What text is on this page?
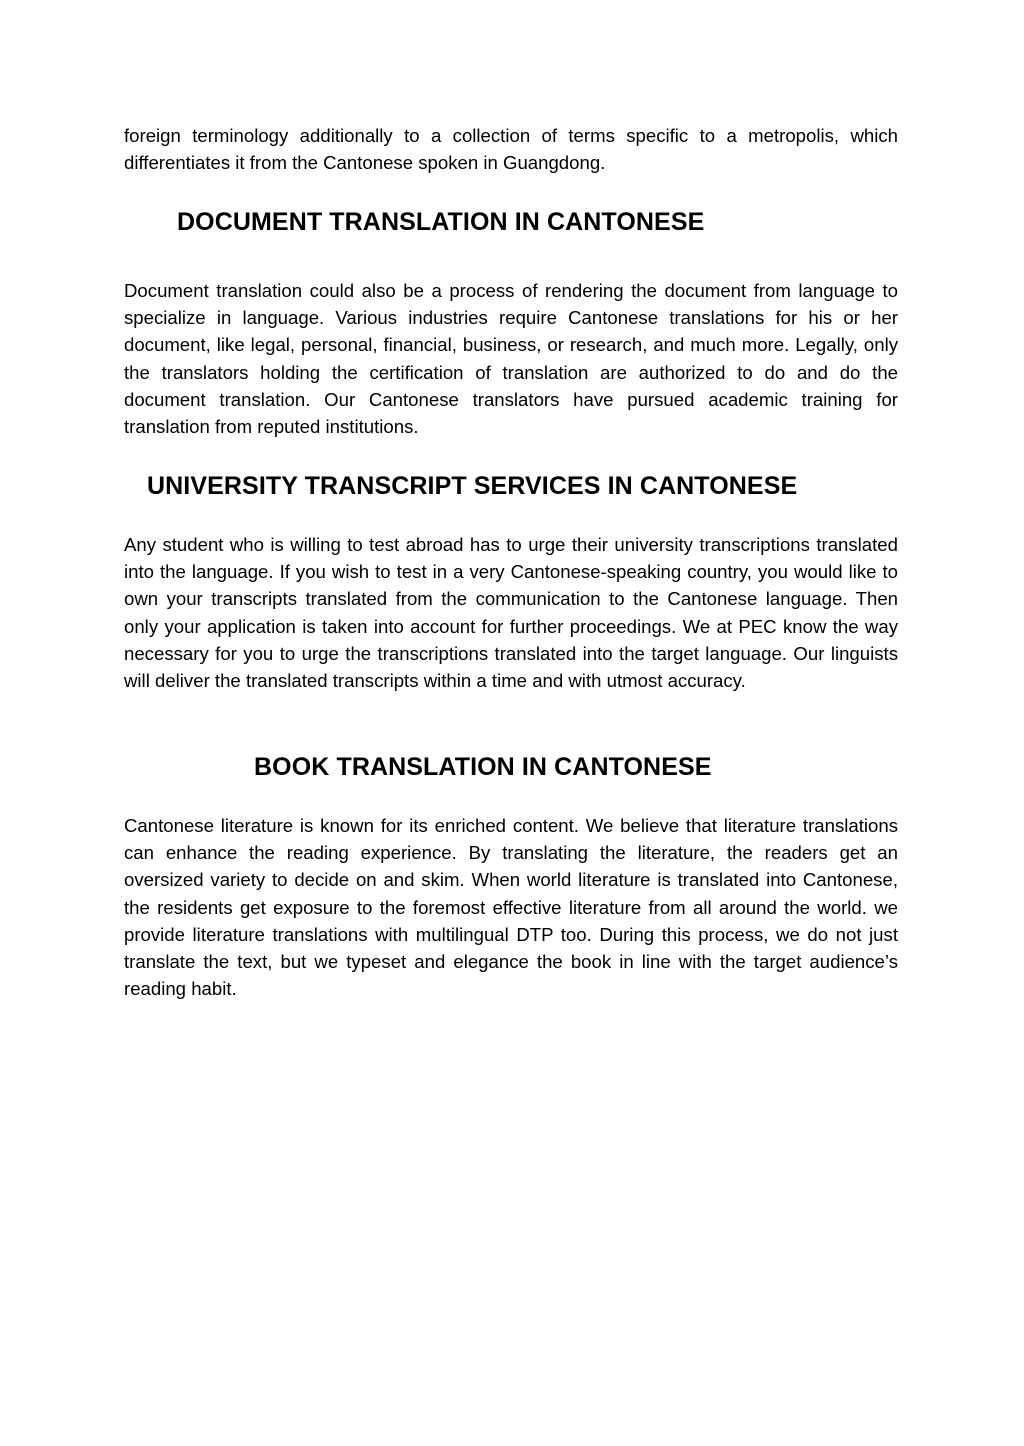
foreign terminology additionally to a collection of terms specific to a metropolis, which differentiates it from the Cantonese spoken in Guangdong.

DOCUMENT TRANSLATION IN CANTONESE

Document translation could also be a process of rendering the document from language to specialize in language. Various industries require Cantonese translations for his or her document, like legal, personal, financial, business, or research, and much more. Legally, only the translators holding the certification of translation are authorized to do and do the document translation. Our Cantonese translators have pursued academic training for translation from reputed institutions.

UNIVERSITY TRANSCRIPT SERVICES IN CANTONESE

Any student who is willing to test abroad has to urge their university transcriptions translated into the language. If you wish to test in a very Cantonese-speaking country, you would like to own your transcripts translated from the communication to the Cantonese language. Then only your application is taken into account for further proceedings. We at PEC know the way necessary for you to urge the transcriptions translated into the target language. Our linguists will deliver the translated transcripts within a time and with utmost accuracy.

BOOK TRANSLATION IN CANTONESE

Cantonese literature is known for its enriched content. We believe that literature translations can enhance the reading experience. By translating the literature, the readers get an oversized variety to decide on and skim. When world literature is translated into Cantonese, the residents get exposure to the foremost effective literature from all around the world. we provide literature translations with multilingual DTP too. During this process, we do not just translate the text, but we typeset and elegance the book in line with the target audience’s reading habit.
